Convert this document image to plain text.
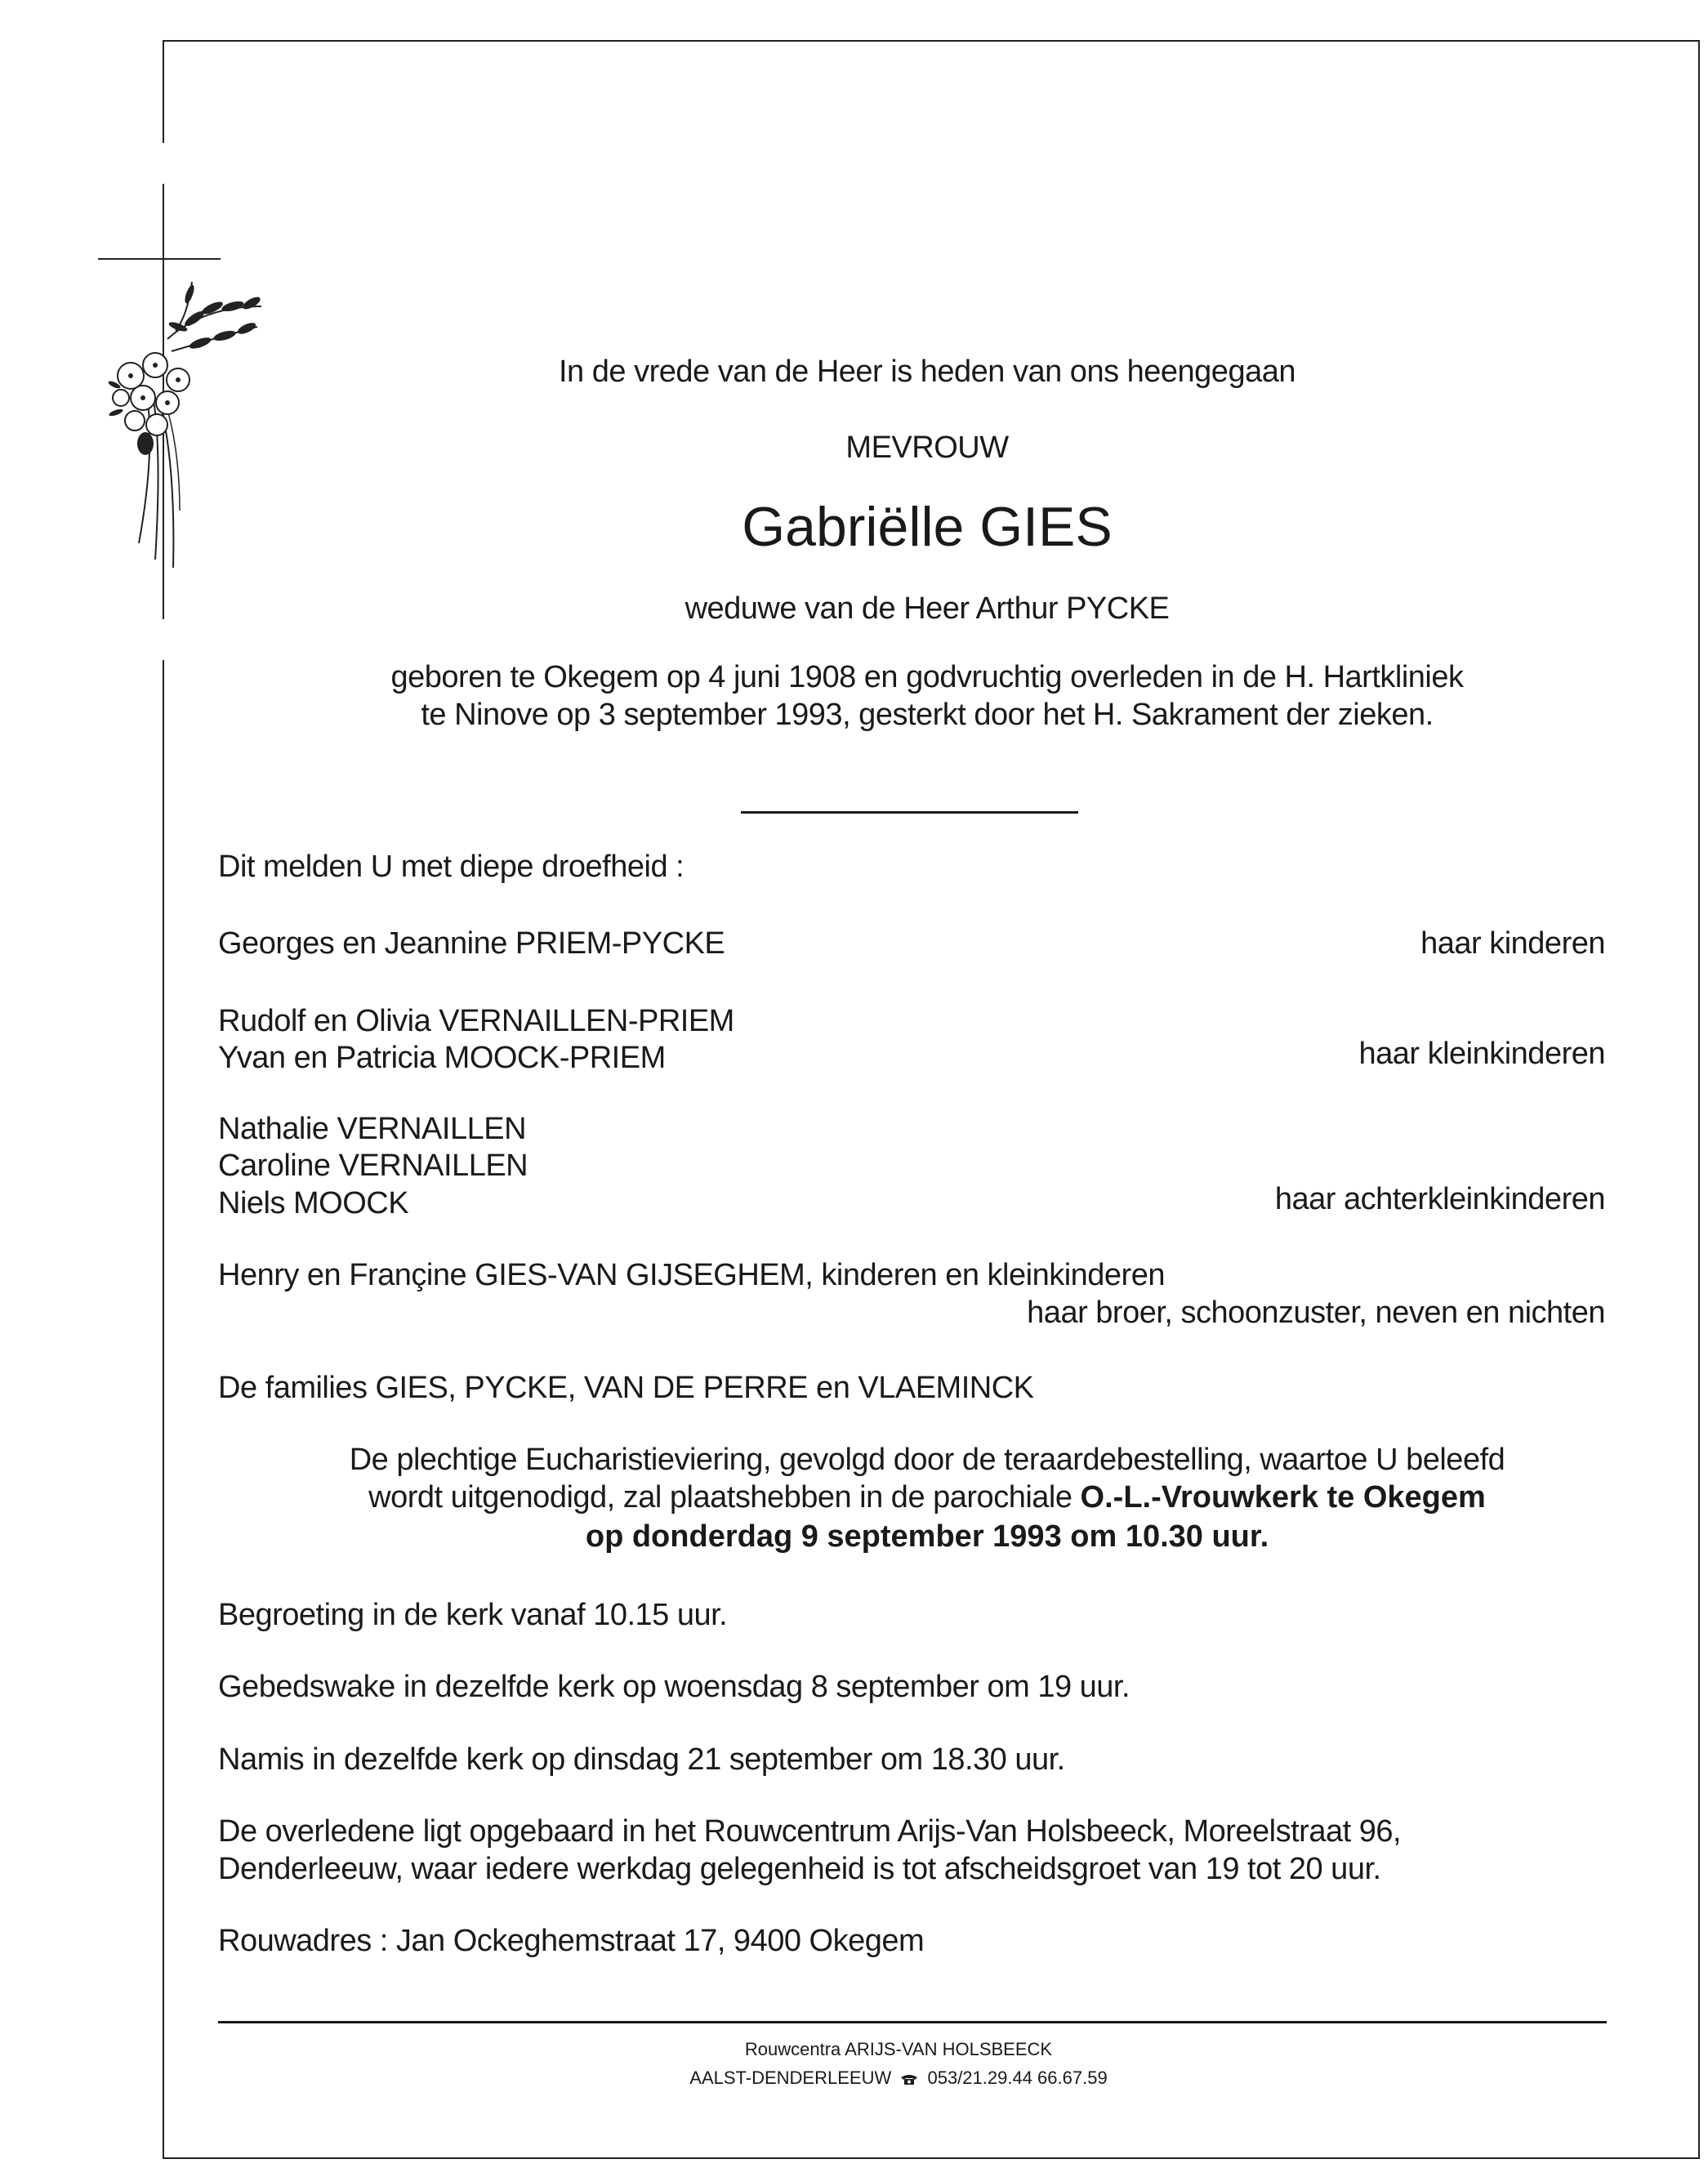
In de vrede van de Heer is heden van ons heengegaan
MEVROUW
Gabriëlle GIES
weduwe van de Heer Arthur PYCKE
geboren te Okegem op 4 juni 1908 en godvruchtig overleden in de H. Hartkliniek
te Ninove op 3 september 1993, gesterkt door het H. Sakrament der zieken.
Dit melden U met diepe droefheid :
Georges en Jeannine PRIEM-PYCKE	haar kinderen
Rudolf en Olivia VERNAILLEN-PRIEM
Yvan en Patricia MOOCK-PRIEM	haar kleinkinderen
Nathalie VERNAILLEN
Caroline VERNAILLEN
Niels MOOCK	haar achterkleinkinderen
Henry en Françine GIES-VAN GIJSEGHEM, kinderen en kleinkinderen
haar broer, schoonzuster, neven en nichten
De families GIES, PYCKE, VAN DE PERRE en VLAEMINCK
De plechtige Eucharistieviering, gevolgd door de teraardebestelling, waartoe U beleefd
wordt uitgenodigd, zal plaatshebben in de parochiale O.-L.-Vrouwkerk te Okegem
op donderdag 9 september 1993 om 10.30 uur.
Begroeting in de kerk vanaf 10.15 uur.
Gebedswake in dezelfde kerk op woensdag 8 september om 19 uur.
Namis in dezelfde kerk op dinsdag 21 september om 18.30 uur.
De overledene ligt opgebaard in het Rouwcentrum Arijs-Van Holsbeeck, Moreelstraat 96,
Denderleeuw, waar iedere werkdag gelegenheid is tot afscheidsgroet van 19 tot 20 uur.
Rouwadres : Jan Ockeghemstraat 17, 9400 Okegem
Rouwcentra ARIJS-VAN HOLSBEECK
AALST-DENDERLEEUW 053/21.29.44 66.67.59
